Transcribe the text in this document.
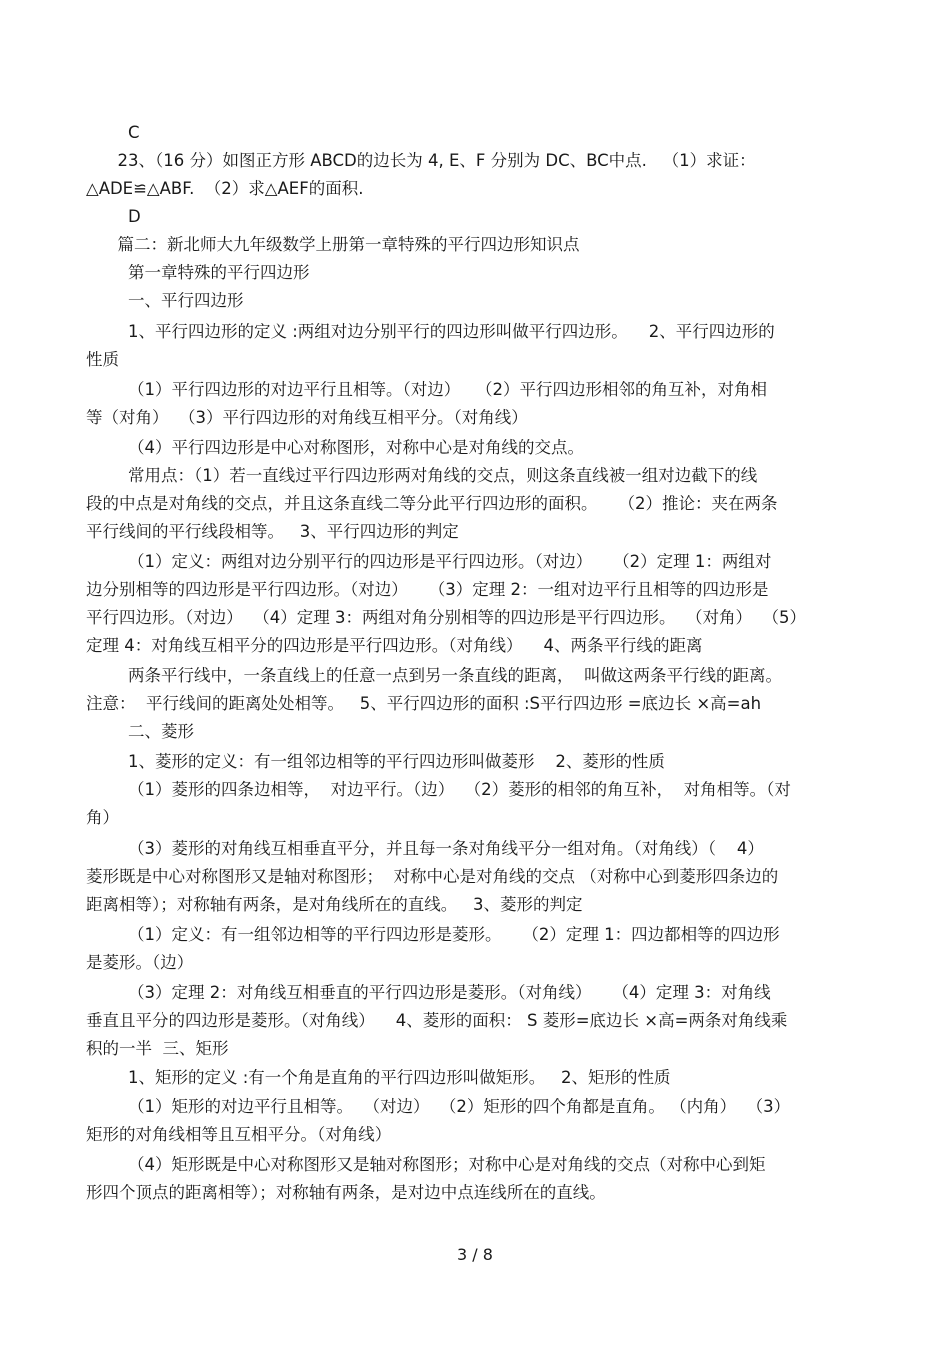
C

23、（16 分）如图正方形 ABCD的边长为 4, E、F 分别为 DC、BC中点.   （1）求证：

△ADE≌△ABF.  （2）求△AEF的面积.

D

篇二：新北师大九年级数学上册第一章特殊的平行四边形知识点

第一章特殊的平行四边形

一、平行四边形

1、平行四边形的定义 :两组对边分别平行的四边形叫做平行四边形。    2、平行四边形的

性质

（1）平行四边形的对边平行且相等。（对边）   （2）平行四边形相邻的角互补，对角相

等（对角）  （3）平行四边形的对角线互相平分。（对角线）

（4）平行四边形是中心对称图形，对称中心是对角线的交点。

常用点：（1）若一直线过平行四边形两对角线的交点，则这条直线被一组对边截下的线

段的中点是对角线的交点，并且这条直线二等分此平行四边形的面积。    （2）推论：夹在两条

平行线间的平行线段相等。   3、平行四边形的判定

（1）定义：两组对边分别平行的四边形是平行四边形。（对边）    （2）定理 1：两组对

边分别相等的四边形是平行四边形。（对边）    （3）定理 2：一组对边平行且相等的四边形是

平行四边形。（对边）  （4）定理 3：两组对角分别相等的四边形是平行四边形。  （对角）  （5）

定理 4：对角线互相平分的四边形是平行四边形。（对角线）    4、两条平行线的距离

两条平行线中，一条直线上的任意一点到另一条直线的距离，  叫做这两条平行线的距离。

注意：  平行线间的距离处处相等。   5、平行四边形的面积 :S平行四边形 =底边长 ×高=ah

二、菱形

1、菱形的定义：有一组邻边相等的平行四边形叫做菱形    2、菱形的性质

（1）菱形的四条边相等，  对边平行。（边）  （2）菱形的相邻的角互补，  对角相等。（对

角）

（3）菱形的对角线互相垂直平分，并且每一条对角线平分一组对角。（对角线）（    4）

菱形既是中心对称图形又是轴对称图形；  对称中心是对角线的交点 （对称中心到菱形四条边的

距离相等）；对称轴有两条，是对角线所在的直线。   3、菱形的判定

（1）定义：有一组邻边相等的平行四边形是菱形。    （2）定理 1：四边都相等的四边形

是菱形。（边）

（3）定理 2：对角线互相垂直的平行四边形是菱形。（对角线）    （4）定理 3：对角线

垂直且平分的四边形是菱形。（对角线）    4、菱形的面积： S 菱形=底边长 ×高=两条对角线乘

积的一半  三、矩形

1、矩形的定义 :有一个角是直角的平行四边形叫做矩形。   2、矩形的性质

（1）矩形的对边平行且相等。  （对边）  （2）矩形的四个角都是直角。 （内角）  （3）

矩形的对角线相等且互相平分。（对角线）

（4）矩形既是中心对称图形又是轴对称图形；对称中心是对角线的交点（对称中心到矩

形四个顶点的距离相等）；对称轴有两条，是对边中点连线所在的直线。

3 / 8
